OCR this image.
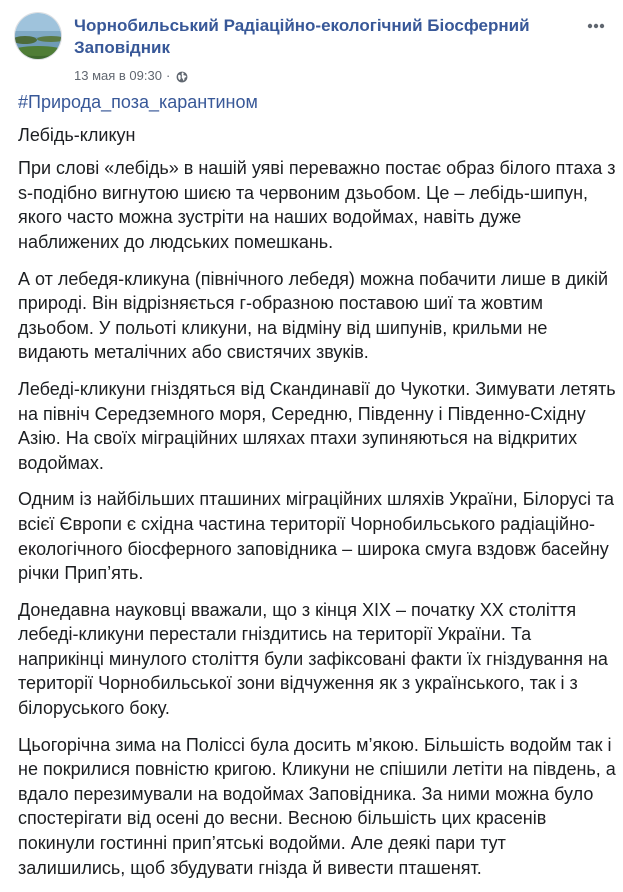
Чорнобильський Радіаційно-екологічний Біосферний Заповідник
13 мая в 09:30 ·
#Природа_поза_карантином

Лебідь-кликун

При слові «лебідь» в нашій уяві переважно постає образ білого птаха з s-подібно вигнутою шиєю та червоним дзьобом. Це – лебідь-шипун, якого часто можна зустріти на наших водоймах, навіть дуже наближених до людських помешкань.

А от лебедя-кликуна (північного лебедя) можна побачити лише в дикій природі. Він відрізняється г-образною поставою шиї та жовтим дзьобом. У польоті кликуни, на відміну від шипунів, крильми не видають металічних або свистячих звуків.

Лебеді-кликуни гніздяться від Скандинавії до Чукотки. Зимувати летять на північ Середземного моря, Середню, Південну і Південно-Східну Азію. На своїх міграційних шляхах птахи зупиняються на відкритих водоймах.

Одним із найбільших пташиних міграційних шляхів України, Білорусі та всієї Європи є східна частина території Чорнобильського радіаційно-екологічного біосферного заповідника – широка смуга вздовж басейну річки Прип’ять.

Донедавна науковці вважали, що з кінця XIX – початку XX століття лебеді-кликуни перестали гніздитись на території України. Та наприкінці минулого століття були зафіксовані факти їх гніздування на території Чорнобильської зони відчуження як з українського, так і з білоруського боку.

Цьогорічна зима на Поліссі була досить м’якою. Більшість водойм так і не покрилися повністю кригою. Кликуни не спішили летіти на південь, а вдало перезимували на водоймах Заповідника. За ними можна було спостерігати від осені до весни. Весною більшість цих красенів покинули гостинні прип’ятські водойми. Але деякі пари тут залишились, щоб збудувати гнізда й вивести пташенят.
